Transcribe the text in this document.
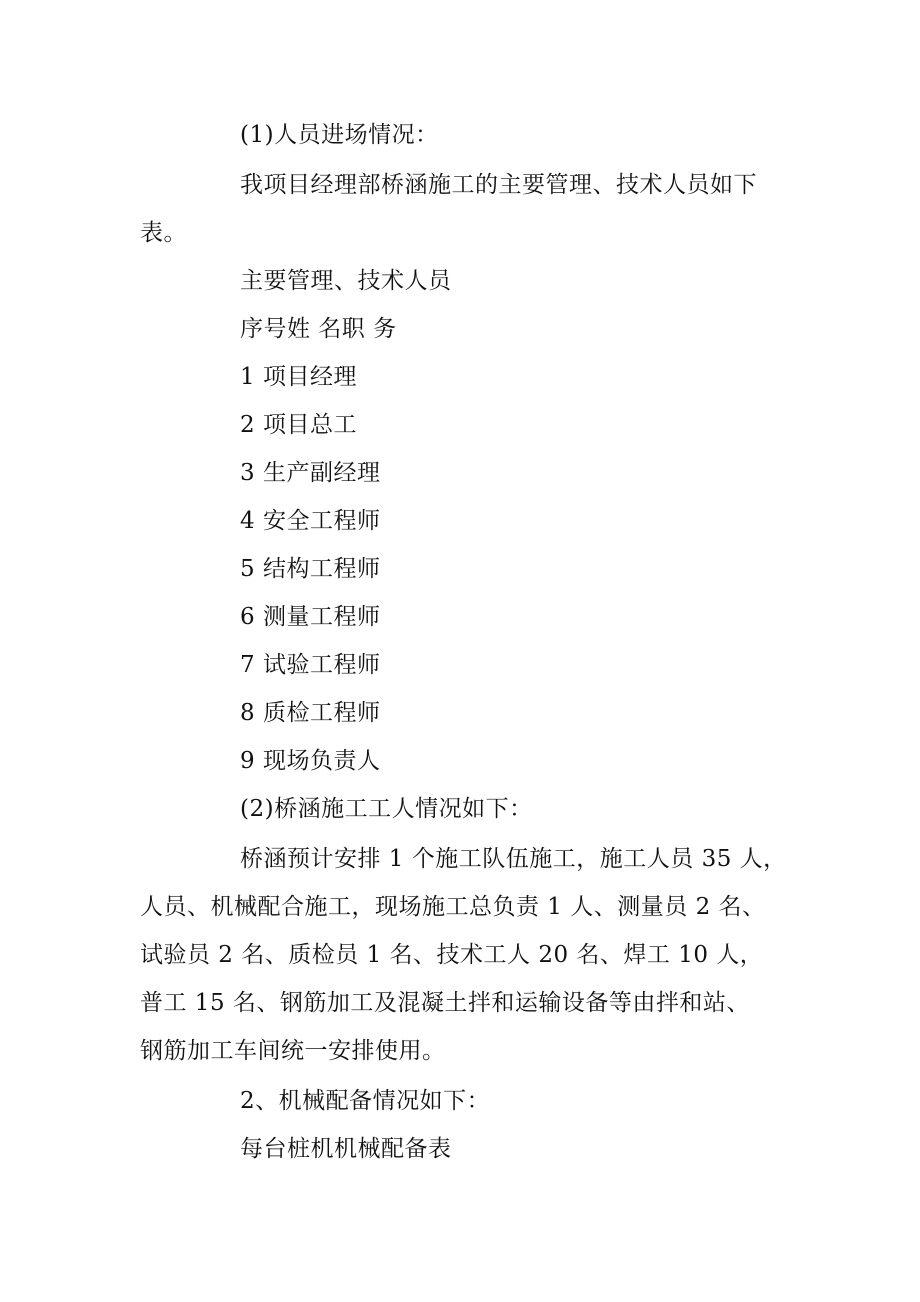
(1)人员进场情况：
我项目经理部桥涵施工的主要管理、技术人员如下
表。
主要管理、技术人员
序号姓 名职 务
1 项目经理
2 项目总工
3 生产副经理
4 安全工程师
5 结构工程师
6 测量工程师
7 试验工程师
8 质检工程师
9 现场负责人
(2)桥涵施工工人情况如下：
桥涵预计安排 1 个施工队伍施工，施工人员 35 人，
人员、机械配合施工，现场施工总负责 1 人、测量员 2 名、
试验员 2 名、质检员 1 名、技术工人 20 名、焊工 10 人，
普工 15 名、钢筋加工及混凝土拌和运输设备等由拌和站、
钢筋加工车间统一安排使用。
2、机械配备情况如下：
每台桩机机械配备表
